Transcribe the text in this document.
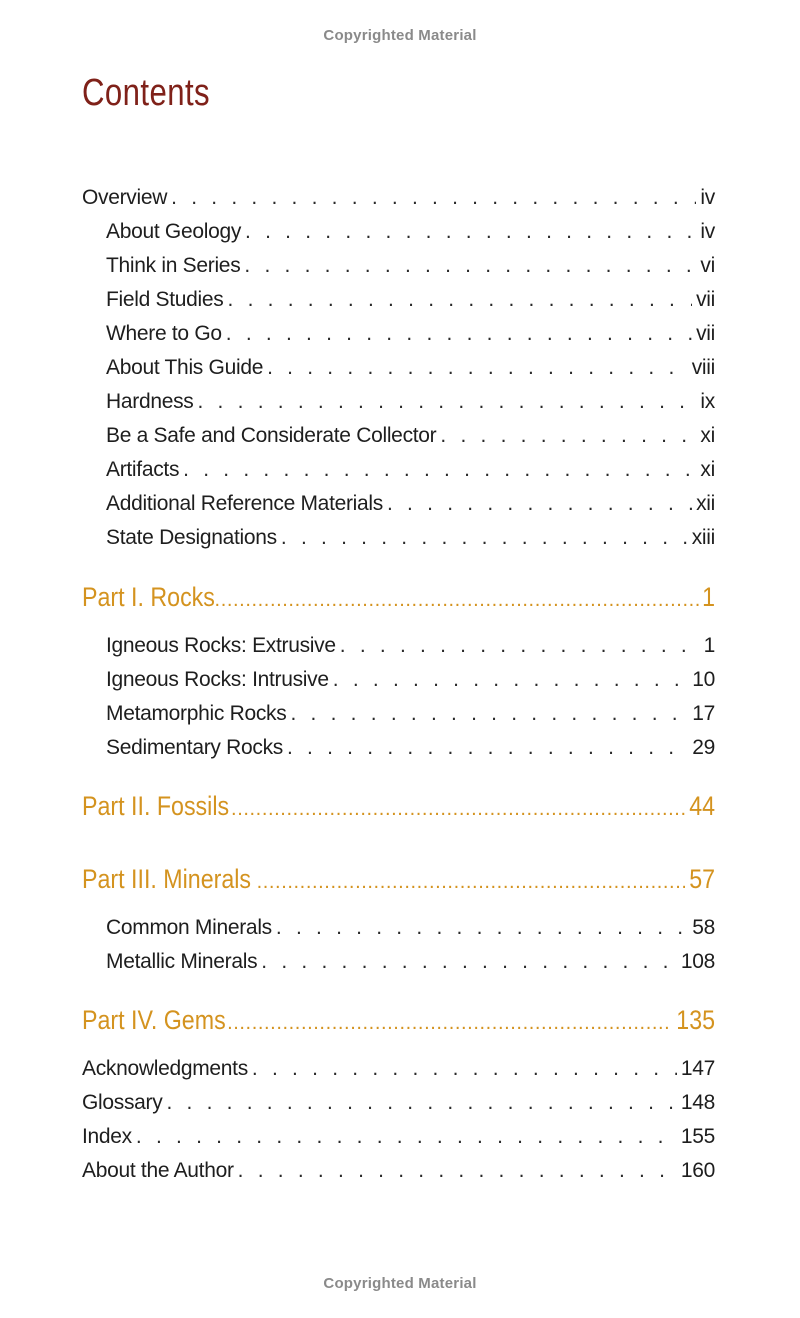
Copyrighted Material
Contents
Overview . . .	iv
About Geology . . .	iv
Think in Series . . .	vi
Field Studies . . .	vii
Where to Go . . .	vii
About This Guide . . .	viii
Hardness . . .	ix
Be a Safe and Considerate Collector . . .	xi
Artifacts . . .	xi
Additional Reference Materials . . .	xii
State Designations . . .	xiii
Part I. Rocks .....	1
Igneous Rocks: Extrusive . . .	1
Igneous Rocks: Intrusive . . .	10
Metamorphic Rocks . . .	17
Sedimentary Rocks . . .	29
Part II. Fossils .....	44
Part III. Minerals .....	57
Common Minerals . . .	58
Metallic Minerals . . .	108
Part IV. Gems .....	135
Acknowledgments . . .	147
Glossary . . .	148
Index . . .	155
About the Author . . .	160
Copyrighted Material
